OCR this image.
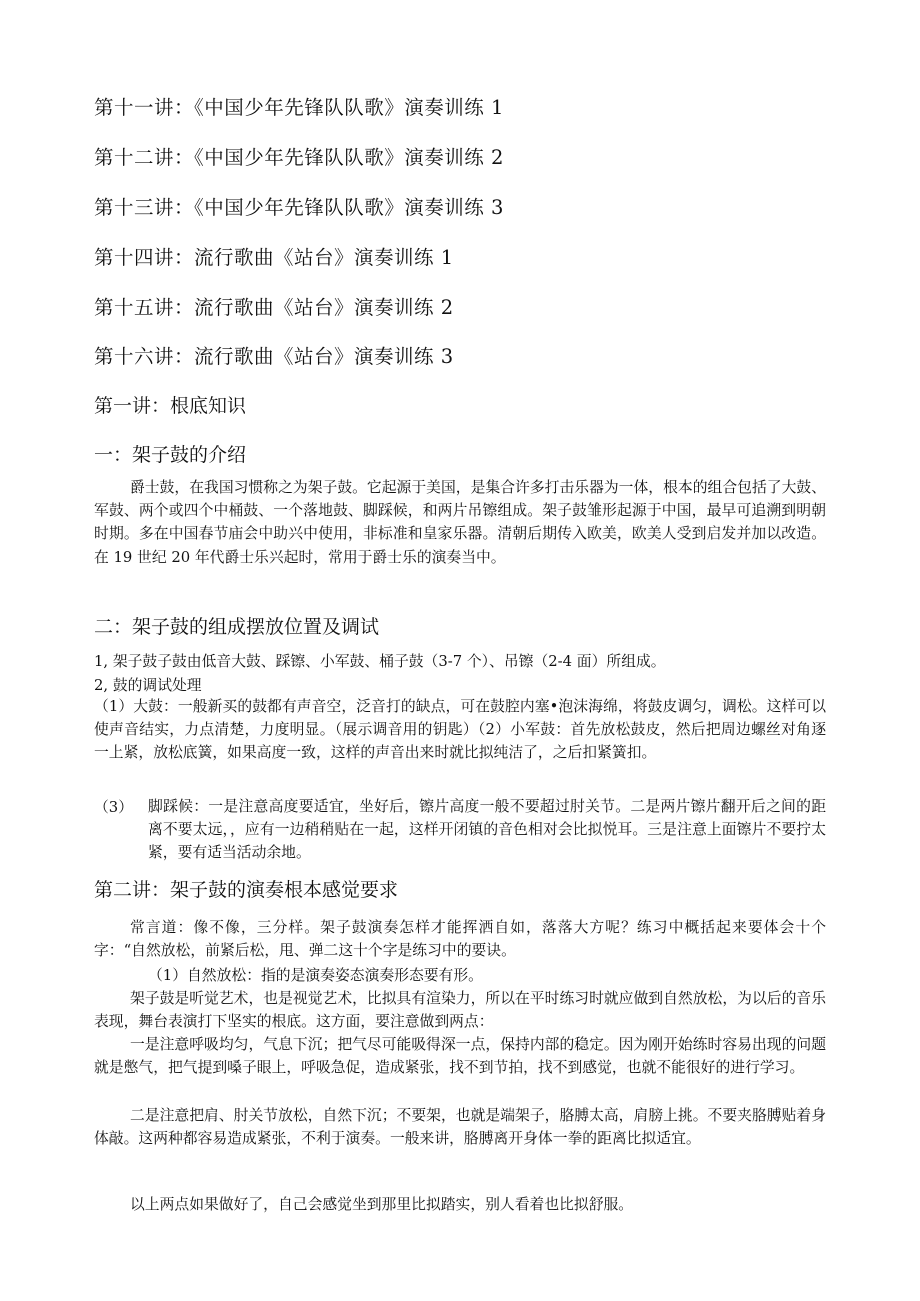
第十一讲：《中国少年先锋队队歌》演奏训练 1
第十二讲：《中国少年先锋队队歌》演奏训练 2
第十三讲：《中国少年先锋队队歌》演奏训练 3
第十四讲：流行歌曲《站台》演奏训练 1
第十五讲：流行歌曲《站台》演奏训练 2
第十六讲：流行歌曲《站台》演奏训练 3
第一讲：根底知识
一：架子鼓的介绍
爵士鼓，在我国习惯称之为架子鼓。它起源于美国，是集合许多打击乐器为一体，根本的组合包括了大鼓、军鼓、两个或四个中桶鼓、一个落地鼓、脚踩候，和两片吊镲组成。架子鼓雏形起源于中国，最早可追溯到明朝时期。多在中国春节庙会中助兴中使用，非标准和皇家乐器。清朝后期传入欧美，欧美人受到启发并加以改造。在 19 世纪 20 年代爵士乐兴起时，常用于爵士乐的演奏当中。
二：架子鼓的组成摆放位置及调试
1, 架子鼓子鼓由低音大鼓、踩镲、小军鼓、桶子鼓（3-7 个）、吊镲（2-4 面）所组成。
2, 鼓的调试处理
（1）大鼓：一般新买的鼓都有声音空，泛音打的缺点，可在鼓腔内塞•泡沫海绵，将鼓皮调匀，调松。这样可以使声音结实，力点清楚，力度明显。（展示调音用的钥匙）（2）小军鼓：首先放松鼓皮，然后把周边螺丝对角逐一上紧，放松底簧，如果高度一致，这样的声音出来时就比拟纯洁了，之后扣紧簧扣。
（3） 脚踩候：一是注意高度要适宜，坐好后，镲片高度一般不要超过肘关节。二是两片镲片翻开后之间的距离不要太远，，应有一边稍稍贴在一起，这样开闭镇的音色相对会比拟悦耳。三是注意上面镲片不要拧太紧，要有适当活动余地。
第二讲：架子鼓的演奏根本感觉要求
常言道：像不像，三分样。架子鼓演奏怎样才能挥洒自如，落落大方呢？练习中概括起来要体会十个字：“自然放松，前紧后松，甩、弹二这十个字是练习中的要诀。
（1）自然放松：指的是演奏姿态演奏形态要有形。
架子鼓是听觉艺术，也是视觉艺术，比拟具有渲染力，所以在平时练习时就应做到自然放松，为以后的音乐表现，舞台表演打下坚实的根底。这方面，要注意做到两点：
一是注意呼吸均匀，气息下沉；把气尽可能吸得深一点，保持内部的稳定。因为刚开始练时容易出现的问题就是憋气，把气提到嗓子眼上，呼吸急促，造成紧张，找不到节拍，找不到感觉，也就不能很好的进行学习。
二是注意把肩、肘关节放松，自然下沉；不要架，也就是端架子，胳膊太高，肩膀上挑。不要夹胳膊贴着身体敲。这两种都容易造成紧张，不利于演奏。一般来讲，胳膊离开身体一拳的距离比拟适宜。
以上两点如果做好了，自己会感觉坐到那里比拟踏实，别人看着也比拟舒服。
